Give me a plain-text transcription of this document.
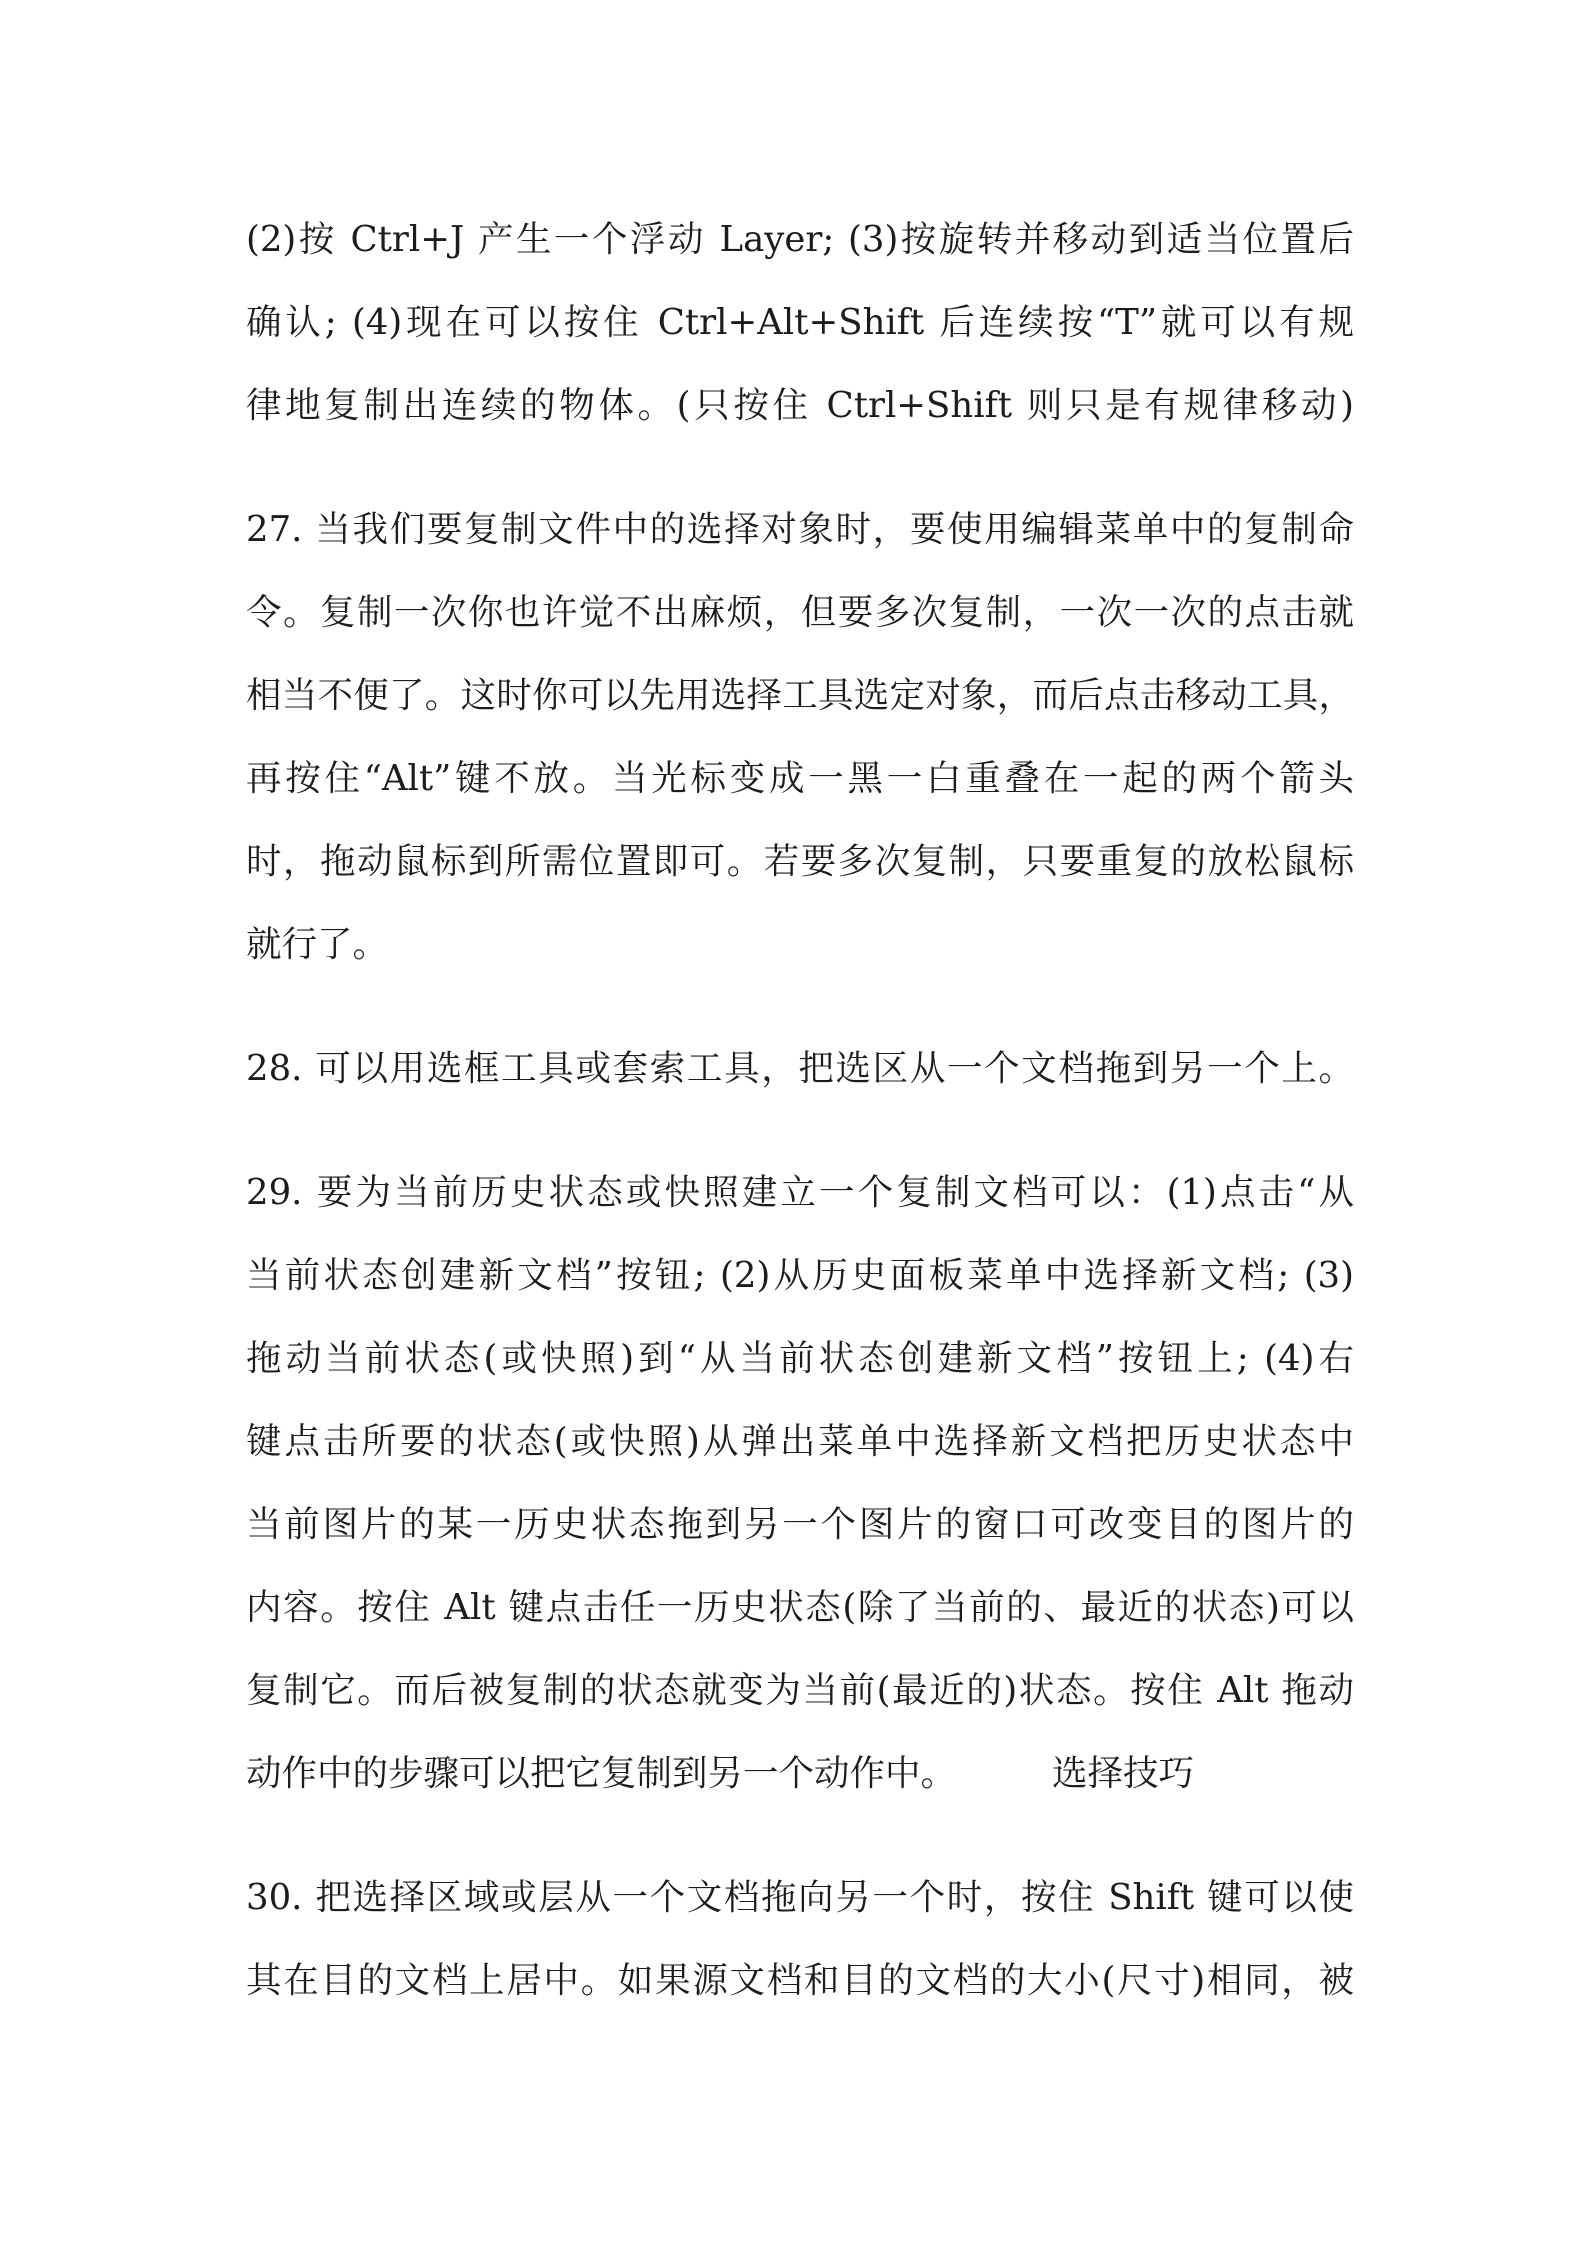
(2)按 Ctrl+J 产生一个浮动 Layer; (3)按旋转并移动到适当位置后
确认; (4)现在可以按住 Ctrl+Alt+Shift 后连续按“T”就可以有规
律地复制出连续的物体。(只按住 Ctrl+Shift 则只是有规律移动)

27. 当我们要复制文件中的选择对象时，要使用编辑菜单中的复制命
令。复制一次你也许觉不出麻烦，但要多次复制，一次一次的点击就
相当不便了。这时你可以先用选择工具选定对象，而后点击移动工具，
再按住“Alt”键不放。当光标变成一黑一白重叠在一起的两个箭头
时，拖动鼠标到所需位置即可。若要多次复制，只要重复的放松鼠标
就行了。

28. 可以用选框工具或套索工具，把选区从一个文档拖到另一个上。

29. 要为当前历史状态或快照建立一个复制文档可以：(1)点击“从
当前状态创建新文档”按钮; (2)从历史面板菜单中选择新文档; (3)
拖动当前状态(或快照)到“从当前状态创建新文档”按钮上; (4)右
键点击所要的状态(或快照)从弹出菜单中选择新文档把历史状态中
当前图片的某一历史状态拖到另一个图片的窗口可改变目的图片的
内容。按住 Alt 键点击任一历史状态(除了当前的、最近的状态)可以
复制它。而后被复制的状态就变为当前(最近的)状态。按住 Alt 拖动
动作中的步骤可以把它复制到另一个动作中。	选择技巧

30. 把选择区域或层从一个文档拖向另一个时，按住 Shift 键可以使
其在目的文档上居中。如果源文档和目的文档的大小(尺寸)相同，被
